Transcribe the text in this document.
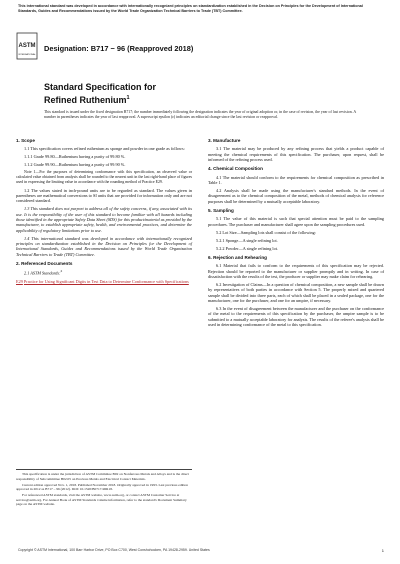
This international standard was developed in accordance with internationally recognized principles on standardization established in the Decision on Principles for the Development of International Standards, Guides and Recommendations issued by the World Trade Organization Technical Barriers to Trade (TBT) Committee.
ASTM
INTERNATIONAL
Designation: B717 − 96 (Reapproved 2018)
Standard Specification for
Refined Ruthenium$^1$
This standard is issued under the fixed designation B717; the number immediately following the designation indicates the year of original adoption or, in the case of revision, the year of last revision. A number in parentheses indicates the year of last reapproval. A superscript epsilon (ε) indicates an editorial change since the last revision or reapproval.
1. Scope

1.1 This specification covers refined ruthenium as sponge and powder in one grade as follows:

1.1.1 Grade 99.80—Ruthenium having a purity of 99.80 %.

1.1.2 Grade 99.90—Ruthenium having a purity of 99.90 %.

Note 1—For the purposes of determining conformance with this specification, an observed value or calculated value obtained from analysis shall be rounded to the nearest unit in the last right-hand place of figures used in expressing the limiting value in accordance with the rounding method of Practice E29.

1.2 The values stated in inch-pound units are to be regarded as standard. The values given in parentheses are mathematical conversions to SI units that are provided for information only and are not considered standard.

1.3 This standard does not purport to address all of the safety concerns, if any, associated with its use. It is the responsibility of the user of this standard to become familiar with all hazards including those identified in the appropriate Safety Data Sheet (SDS) for this product/material as provided by the manufacturer, to establish appropriate safety, health, and environmental practices, and determine the applicability of regulatory limitations prior to use.

1.4 This international standard was developed in accordance with internationally recognized principles on standardization established in the Decision on Principles for the Development of International Standards, Guides and Recommendations issued by the World Trade Organization Technical Barriers to Trade (TBT) Committee.

2. Referenced Documents

2.1 ASTM Standards:$^2$

E29 Practice for Using Significant Digits in Test Data to Determine Conformance with Specifications

3. Manufacture

3.1 The material may be produced by any refining process that yields a product capable of meeting the chemical requirements of this specification. The purchaser, upon request, shall be informed of the refining process used.

4. Chemical Composition

4.1 The material should conform to the requirements for chemical composition as prescribed in Table 1.

4.2 Analysis shall be made using the manufacturer's standard methods. In the event of disagreement as to the chemical composition of the metal, methods of chemical analysis for reference purposes shall be determined by a mutually acceptable laboratory.

5. Sampling

5.1 The value of this material is such that special attention must be paid to the sampling procedures. The purchaser and manufacturer shall agree upon the sampling procedures used.

5.2 Lot Size—Sampling lots shall consist of the following:

5.2.1 Sponge—A single refining lot.

5.2.2 Powder—A single refining lot.

6. Rejection and Rehearing

6.1 Material that fails to conform to the requirements of this specification may be rejected. Rejection should be reported to the manufacturer or supplier promptly and in writing. In case of dissatisfaction with the results of the test, the producer or supplier may make claim for rehearing.

6.2 Investigation of Claims—In a question of chemical composition, a new sample shall be drawn by representatives of both parties in accordance with Section 5. The properly mixed and quartered sample shall be divided into three parts, each of which shall be placed in a sealed package, one for the manufacturer, one for the purchaser, and one for an umpire, if necessary.

6.3 In the event of disagreement between the manufacturer and the purchaser on the conformance of the metal to the requirements of this specification by the purchaser, the umpire sample is to be submitted to a mutually acceptable laboratory for analysis. The results of the referee's analysis shall be used in determining conformance of the metal to this specification.

This specification is under the jurisdiction of ASTM Committee B02 on Nonferrous Metals and Alloys and is the direct responsibility of Subcommittee B02.05 on Precious Metals and Electrical Contact Materials.

Current edition approved Nov. 1, 2018. Published November 2018. Originally approved in 1993. Last previous edition approved in 2012 as B717 – 96 (2012). DOI: 10.1520/B0717-96R18.

For referenced ASTM standards, visit the ASTM website, www.astm.org, or contact ASTM Customer Service at service@astm.org. For Annual Book of ASTM Standards volume information, refer to the standard's Document Summary page on the ASTM website.

Copyright © ASTM International, 100 Barr Harbor Drive, PO Box C700, West Conshohocken, PA 19428-2959. United States	1
